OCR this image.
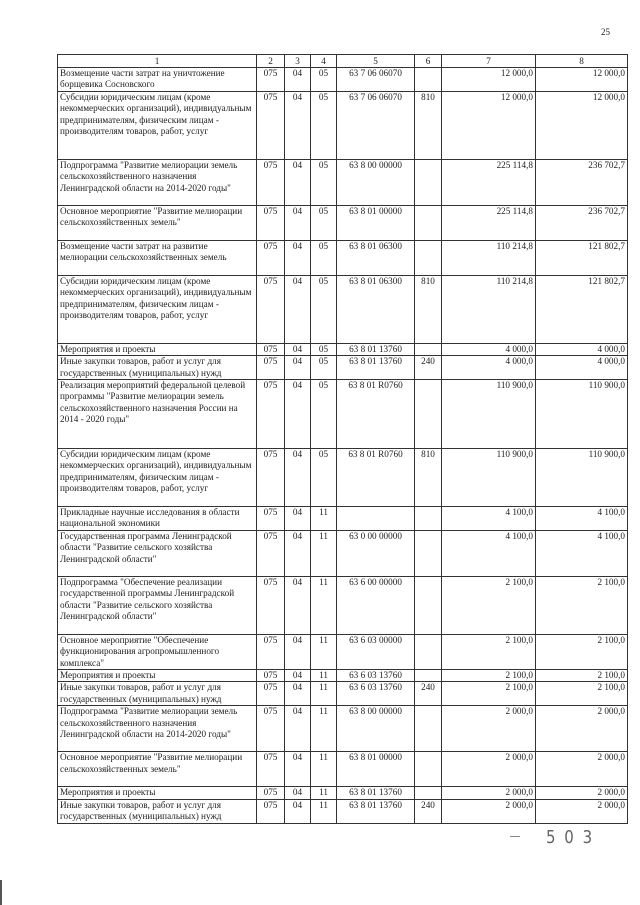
25
1	2	3	4	5	6	7	8
Возмещение части затрат на уничтожение борщевика Сосновского	075	04	05	63 7 06 06070		12 000,0	12 000,0
Субсидии юридическим лицам (кроме некоммерческих организаций), индивидуальным предпринимателям, физическим лицам - производителям товаров, работ, услуг	075	04	05	63 7 06 06070	810	12 000,0	12 000,0
Подпрограмма "Развитие мелиорации земель сельскохозяйственного назначения Ленинградской области на 2014-2020 годы"	075	04	05	63 8 00 00000		225 114,8	236 702,7
Основное мероприятие "Развитие мелиорации сельскохозяйственных земель"	075	04	05	63 8 01 00000		225 114,8	236 702,7
Возмещение части затрат на развитие мелиорации сельскохозяйственных земель	075	04	05	63 8 01 06300		110 214,8	121 802,7
Субсидии юридическим лицам (кроме некоммерческих организаций), индивидуальным предпринимателям, физическим лицам - производителям товаров, работ, услуг	075	04	05	63 8 01 06300	810	110 214,8	121 802,7
Мероприятия и проекты	075	04	05	63 8 01 13760		4 000,0	4 000,0
Иные закупки товаров, работ и услуг для государственных (муниципальных) нужд	075	04	05	63 8 01 13760	240	4 000,0	4 000,0
Реализация мероприятий федеральной целевой программы "Развитие мелиорации земель сельскохозяйственного назначения России на 2014 - 2020 годы"	075	04	05	63 8 01 R0760		110 900,0	110 900,0
Субсидии юридическим лицам (кроме некоммерческих организаций), индивидуальным предпринимателям, физическим лицам - производителям товаров, работ, услуг	075	04	05	63 8 01 R0760	810	110 900,0	110 900,0
Прикладные научные исследования в области национальной экономики	075	04	11			4 100,0	4 100,0
Государственная программа Ленинградской области "Развитие сельского хозяйства Ленинградской области"	075	04	11	63 0 00 00000		4 100,0	4 100,0
Подпрограмма "Обеспечение реализации государственной программы Ленинградской области "Развитие сельского хозяйства Ленинградской области"	075	04	11	63 6 00 00000		2 100,0	2 100,0
Основное мероприятие "Обеспечение функционирования агропромышленного комплекса"	075	04	11	63 6 03 00000		2 100,0	2 100,0
Мероприятия и проекты	075	04	11	63 6 03 13760		2 100,0	2 100,0
Иные закупки товаров, работ и услуг для государственных (муниципальных) нужд	075	04	11	63 6 03 13760	240	2 100,0	2 100,0
Подпрограмма "Развитие мелиорации земель сельскохозяйственного назначения Ленинградской области на 2014-2020 годы"	075	04	11	63 8 00 00000		2 000,0	2 000,0
Основное мероприятие "Развитие мелиорации сельскохозяйственных земель"	075	04	11	63 8 01 00000		2 000,0	2 000,0
Мероприятия и проекты	075	04	11	63 8 01 13760		2 000,0	2 000,0
Иные закупки товаров, работ и услуг для государственных (муниципальных) нужд	075	04	11	63 8 01 13760	240	2 000,0	2 000,0
5 0 3
